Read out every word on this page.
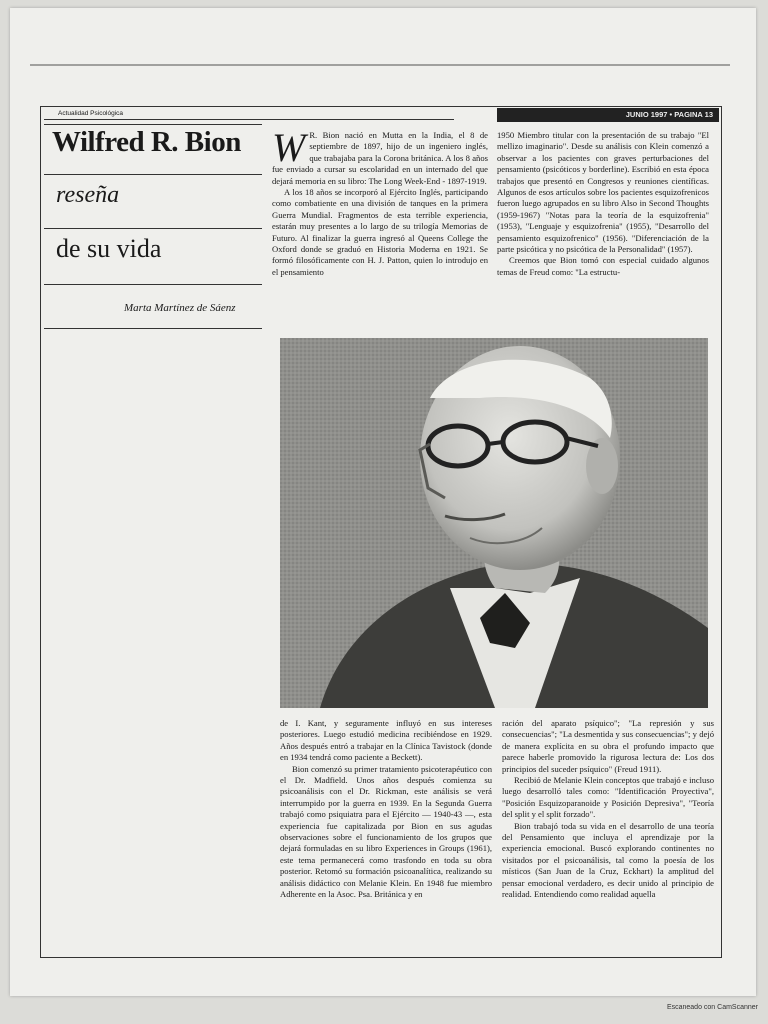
Actualidad Psicológica	JUNIO 1997 • PAGINA 13
Wilfred R. Bion
reseña
de su vida
Marta Martínez de Sáenz

W R. Bion nació en Mutta en la India, el 8 de septiembre de 1897, hijo de un ingeniero inglés, que trabajaba para la Corona británica. A los 8 años fue enviado a cursar su escolaridad en un internado del que dejará memoria en su libro: The Long Week-End - 1897-1919.

A los 18 años se incorporó al Ejército Inglés, participando como combatiente en una división de tanques en la primera Guerra Mundial. Fragmentos de esta terrible experiencia, estarán muy presentes a lo largo de su trilogía Memorias de Futuro. Al finalizar la guerra ingresó al Queens College the Oxford donde se graduó en Historia Moderna en 1921. Se formó filosóficamente con H. J. Patton, quien lo introdujo en el pensamiento

1950 Miembro titular con la presentación de su trabajo "El mellizo imaginario". Desde su análisis con Klein comenzó a observar a los pacientes con graves perturbaciones del pensamiento (psicóticos y borderline). Escribió en esta época trabajos que presentó en Congresos y reuniones científicas. Algunos de esos artículos sobre los pacientes esquizofrenicos fueron luego agrupados en su libro Also in Second Thoughts (1959-1967) "Notas para la teoría de la esquizofrenia" (1953), "Lenguaje y esquizofrenia" (1955), "Desarrollo del pensamiento esquizofrenico" (1956). "Diferenciación de la parte psicótica y no psicótica de la Personalidad" (1957).

Creemos que Bion tomó con especial cuidado algunos temas de Freud como: "La estructu-

de I. Kant, y seguramente influyó en sus intereses posteriores. Luego estudió medicina recibiéndose en 1929. Años después entró a trabajar en la Clínica Tavistock (donde en 1934 tendrá como paciente a Beckett).

Bion comenzó su primer tratamiento psicoterapéutico con el Dr. Madfield. Unos años después comienza su psicoanálisis con el Dr. Rickman, este análisis se verá interrumpido por la guerra en 1939. En la Segunda Guerra trabajó como psiquiatra para el Ejército — 1940-43 —, esta experiencia fue capitalizada por Bion en sus agudas observaciones sobre el funcionamiento de los grupos que dejará formuladas en su libro Experiences in Groups (1961), este tema permanecerá como trasfondo en toda su obra posterior. Retomó su formación psicoanalítica, realizando su análisis didáctico con Melanie Klein. En 1948 fue miembro Adherente en la Asoc. Psa. Británica y en

ración del aparato psíquico"; "La represión y sus consecuencias"; "La desmentida y sus consecuencias"; y dejó de manera explícita en su obra el profundo impacto que parece haberle promovido la rigurosa lectura de: Los dos principios del suceder psíquico" (Freud 1911).

Recibió de Melanie Klein conceptos que trabajó e incluso luego desarrolló tales como: "Identificación Proyectiva", "Posición Esquizoparanoide y Posición Depresiva", "Teoría del split y el split forzado".

Bion trabajó toda su vida en el desarrollo de una teoría del Pensamiento que incluya el aprendizaje por la experiencia emocional. Buscó explorando continentes no visitados por el psicoanálisis, tal como la poesía de los místicos (San Juan de la Cruz, Eckhart) la amplitud del pensar emocional verdadero, es decir unido al principio de realidad. Entendiendo como realidad aquella

Escaneado con CamScanner
